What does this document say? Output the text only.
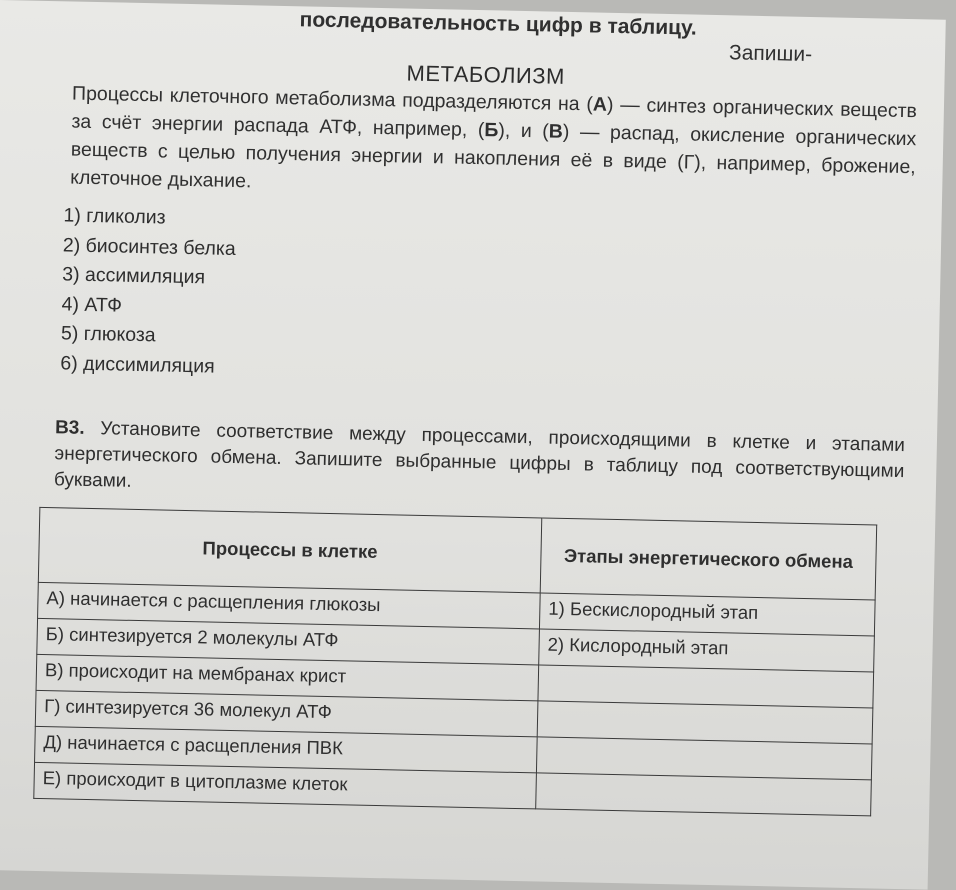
последовательность цифр в таблицу. Запиши-
МЕТАБОЛИЗМ
Процессы клеточного метаболизма подразделяются на (А) — синтез органических веществ за счёт энергии распада АТФ, например, (Б), и (В) — распад, окисление органических веществ с целью получения энергии и накопления её в виде (Г), например, брожение, клеточное дыхание.
1) гликолиз
2) биосинтез белка
3) ассимиляция
4) АТФ
5) глюкоза
6) диссимиляция
В3. Установите соответствие между процессами, происходящими в клетке и этапами энергетического обмена. Запишите выбранные цифры в таблицу под соответствующими буквами.
Процессы в клетке	Этапы энергетического обмена
А) начинается с расщепления глюкозы	1) Бескислородный этап
Б) синтезируется 2 молекулы АТФ	2) Кислородный этап
В) происходит на мембранах крист	
Г) синтезируется 36 молекул АТФ	
Д) начинается с расщепления ПВК	
Е) происходит в цитоплазме клеток	
